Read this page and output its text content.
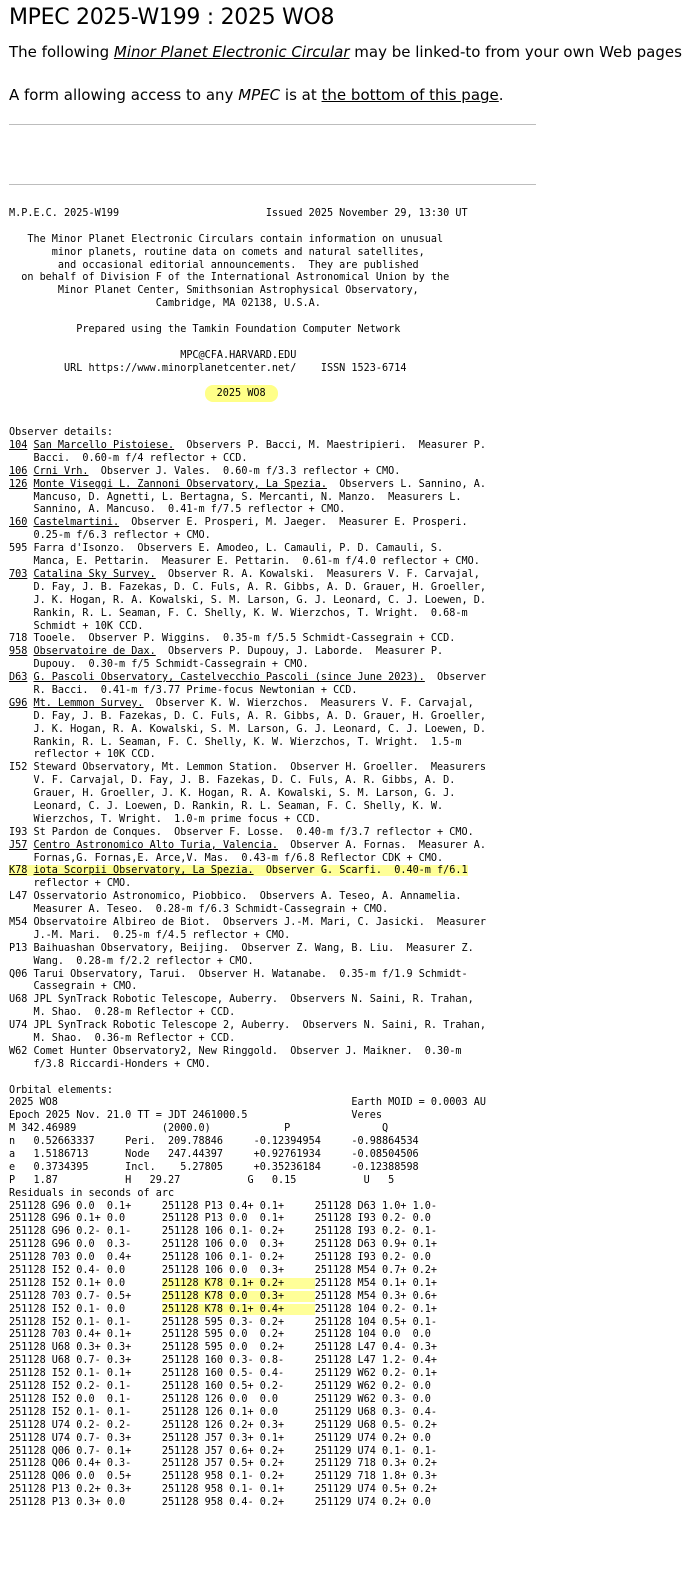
MPEC 2025-W199 : 2025 WO8

The following Minor Planet Electronic Circular may be linked-to from your own Web pages

A form allowing access to any MPEC is at the bottom of this page.

M.P.E.C. 2025-W199	Issued 2025 November 29, 13:30 UT
The Minor Planet Electronic Circulars contain information on unusual
minor planets, routine data on comets and natural satellites,
and occasional editorial announcements.  They are published
on behalf of Division F of the International Astronomical Union by the
Minor Planet Center, Smithsonian Astrophysical Observatory,
Cambridge, MA 02138, U.S.A.
Prepared using the Tamkin Foundation Computer Network
MPC@CFA.HARVARD.EDU
URL https://www.minorplanetcenter.net/    ISSN 1523-6714
2025 WO8
Observer details:
104 San Marcello Pistoiese.  Observers P. Bacci, M. Maestripieri.  Measurer P.
Bacci.  0.60-m f/4 reflector + CCD.
106 Crni Vrh.  Observer J. Vales.  0.60-m f/3.3 reflector + CMO.
126 Monte Viseggi L. Zannoni Observatory, La Spezia.  Observers L. Sannino, A.
Mancuso, D. Agnetti, L. Bertagna, S. Mercanti, N. Manzo.  Measurers L.
Sannino, A. Mancuso.  0.41-m f/7.5 reflector + CMO.
160 Castelmartini.  Observer E. Prosperi, M. Jaeger.  Measurer E. Prosperi.
0.25-m f/6.3 reflector + CMO.
595 Farra d'Isonzo.  Observers E. Amodeo, L. Camauli, P. D. Camauli, S.
Manca, E. Pettarin.  Measurer E. Pettarin.  0.61-m f/4.0 reflector + CMO.
703 Catalina Sky Survey.  Observer R. A. Kowalski.  Measurers V. F. Carvajal,
D. Fay, J. B. Fazekas, D. C. Fuls, A. R. Gibbs, A. D. Grauer, H. Groeller,
J. K. Hogan, R. A. Kowalski, S. M. Larson, G. J. Leonard, C. J. Loewen, D.
Rankin, R. L. Seaman, F. C. Shelly, K. W. Wierzchos, T. Wright.  0.68-m
Schmidt + 10K CCD.
718 Tooele.  Observer P. Wiggins.  0.35-m f/5.5 Schmidt-Cassegrain + CCD.
958 Observatoire de Dax.  Observers P. Dupouy, J. Laborde.  Measurer P.
Dupouy.  0.30-m f/5 Schmidt-Cassegrain + CMO.
D63 G. Pascoli Observatory, Castelvecchio Pascoli (since June 2023).  Observer
R. Bacci.  0.41-m f/3.77 Prime-focus Newtonian + CCD.
G96 Mt. Lemmon Survey.  Observer K. W. Wierzchos.  Measurers V. F. Carvajal,
D. Fay, J. B. Fazekas, D. C. Fuls, A. R. Gibbs, A. D. Grauer, H. Groeller,
J. K. Hogan, R. A. Kowalski, S. M. Larson, G. J. Leonard, C. J. Loewen, D.
Rankin, R. L. Seaman, F. C. Shelly, K. W. Wierzchos, T. Wright.  1.5-m
reflector + 10K CCD.
I52 Steward Observatory, Mt. Lemmon Station.  Observer H. Groeller.  Measurers
V. F. Carvajal, D. Fay, J. B. Fazekas, D. C. Fuls, A. R. Gibbs, A. D.
Grauer, H. Groeller, J. K. Hogan, R. A. Kowalski, S. M. Larson, G. J.
Leonard, C. J. Loewen, D. Rankin, R. L. Seaman, F. C. Shelly, K. W.
Wierzchos, T. Wright.  1.0-m prime focus + CCD.
I93 St Pardon de Conques.  Observer F. Losse.  0.40-m f/3.7 reflector + CMO.
J57 Centro Astronomico Alto Turia, Valencia.  Observer A. Fornas.  Measurer A.
Fornas,G. Fornas,E. Arce,V. Mas.  0.43-m f/6.8 Reflector CDK + CMO.
K78 iota Scorpii Observatory, La Spezia.  Observer G. Scarfi.  0.40-m f/6.1
reflector + CMO.
L47 Osservatorio Astronomico, Piobbico.  Observers A. Teseo, A. Annamelia.
Measurer A. Teseo.  0.28-m f/6.3 Schmidt-Cassegrain + CMO.
M54 Observatoire Albireo de Biot.  Observers J.-M. Mari, C. Jasicki.  Measurer
J.-M. Mari.  0.25-m f/4.5 reflector + CMO.
P13 Baihuashan Observatory, Beijing.  Observer Z. Wang, B. Liu.  Measurer Z.
Wang.  0.28-m f/2.2 reflector + CMO.
Q06 Tarui Observatory, Tarui.  Observer H. Watanabe.  0.35-m f/1.9 Schmidt-
Cassegrain + CMO.
U68 JPL SynTrack Robotic Telescope, Auberry.  Observers N. Saini, R. Trahan,
M. Shao.  0.28-m Reflector + CCD.
U74 JPL SynTrack Robotic Telescope 2, Auberry.  Observers N. Saini, R. Trahan,
M. Shao.  0.36-m Reflector + CCD.
W62 Comet Hunter Observatory2, New Ringgold.  Observer J. Maikner.  0.30-m
f/3.8 Riccardi-Honders + CMO.
Orbital elements:
2025 WO8                                                Earth MOID = 0.0003 AU
Epoch 2025 Nov. 21.0 TT = JDT 2461000.5                 Veres
M 342.46989              (2000.0)            P               Q
n   0.52663337     Peri.  209.78846     -0.12394954     -0.98864534
a   1.5186713      Node   247.44397     +0.92761934     -0.08504506
e   0.3734395      Incl.    5.27805     +0.35236184     -0.12388598
P   1.87           H   29.27           G   0.15           U   5
Residuals in seconds of arc
251128 G96 0.0  0.1+     251128 P13 0.4+ 0.1+     251128 D63 1.0+ 1.0-
251128 G96 0.1+ 0.0      251128 P13 0.0  0.1+     251128 I93 0.2- 0.0
251128 G96 0.2- 0.1-     251128 106 0.1- 0.2+     251128 I93 0.2- 0.1-
251128 G96 0.0  0.3-     251128 106 0.0  0.3+     251128 D63 0.9+ 0.1+
251128 703 0.0  0.4+     251128 106 0.1- 0.2+     251128 I93 0.2- 0.0
251128 I52 0.4- 0.0      251128 106 0.0  0.3+     251128 M54 0.7+ 0.2+
251128 I52 0.1+ 0.0      251128 K78 0.1+ 0.2+     251128 M54 0.1+ 0.1+
251128 703 0.7- 0.5+     251128 K78 0.0  0.3+     251128 M54 0.3+ 0.6+
251128 I52 0.1- 0.0      251128 K78 0.1+ 0.4+     251128 104 0.2- 0.1+
251128 I52 0.1- 0.1-     251128 595 0.3- 0.2+     251128 104 0.5+ 0.1-
251128 703 0.4+ 0.1+     251128 595 0.0  0.2+     251128 104 0.0  0.0
251128 U68 0.3+ 0.3+     251128 595 0.0  0.2+     251128 L47 0.4- 0.3+
251128 U68 0.7- 0.3+     251128 160 0.3- 0.8-     251128 L47 1.2- 0.4+
251128 I52 0.1- 0.1+     251128 160 0.5- 0.4-     251129 W62 0.2- 0.1+
251128 I52 0.2- 0.1-     251128 160 0.5+ 0.2-     251129 W62 0.2- 0.0
251128 I52 0.0  0.1-     251128 126 0.0  0.0      251129 W62 0.3- 0.0
251128 I52 0.1- 0.1-     251128 126 0.1+ 0.0      251129 U68 0.3- 0.4-
251128 U74 0.2- 0.2-     251128 126 0.2+ 0.3+     251129 U68 0.5- 0.2+
251128 U74 0.7- 0.3+     251128 J57 0.3+ 0.1+     251129 U74 0.2+ 0.0
251128 Q06 0.7- 0.1+     251128 J57 0.6+ 0.2+     251129 U74 0.1- 0.1-
251128 Q06 0.4+ 0.3-     251128 J57 0.5+ 0.2+     251129 718 0.3+ 0.2+
251128 Q06 0.0  0.5+     251128 958 0.1- 0.2+     251129 718 1.8+ 0.3+
251128 P13 0.2+ 0.3+     251128 958 0.1- 0.1+     251129 U74 0.5+ 0.2+
251128 P13 0.3+ 0.0      251128 958 0.4- 0.2+     251129 U74 0.2+ 0.0
